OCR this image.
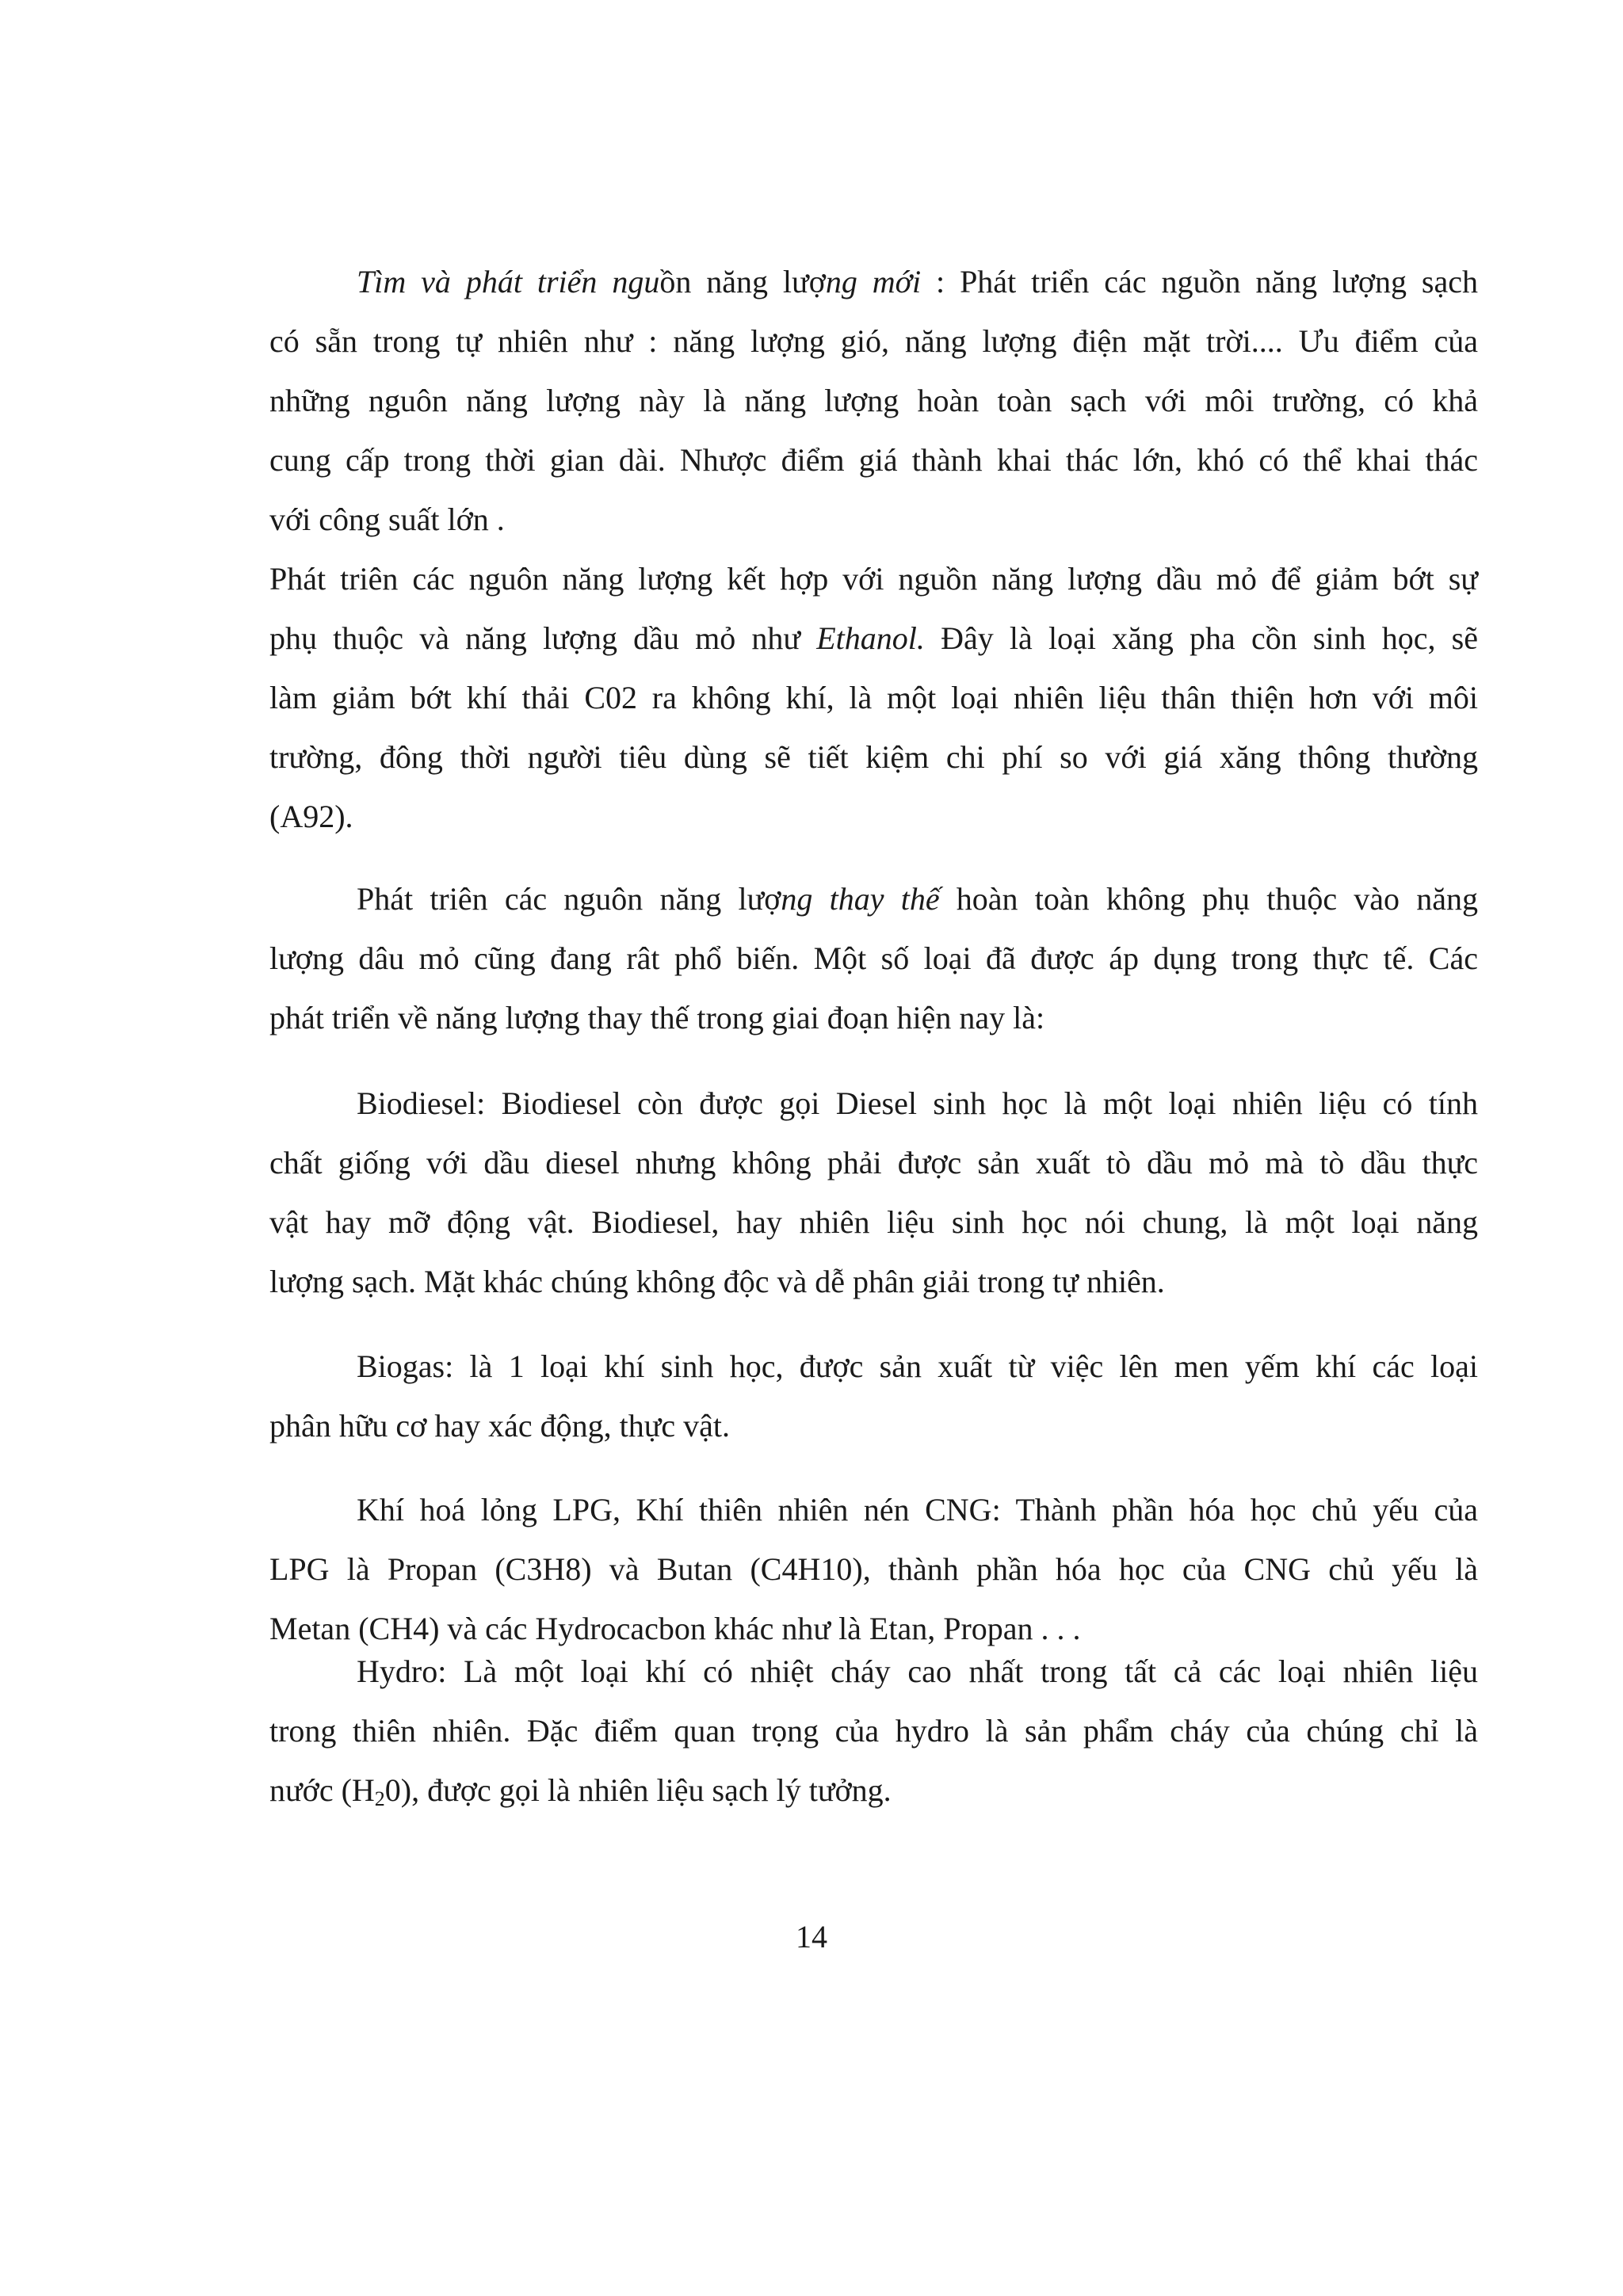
Tìm và phát triển nguồn năng lượng mới : Phát triển các nguồn năng lượng sạch
có sẵn trong tự nhiên như : năng lượng gió, năng lượng điện mặt trời.... Ưu điểm của
những nguôn năng lượng này là năng lượng hoàn toàn sạch với môi trường, có khả
cung cấp trong thời gian dài. Nhược điểm giá thành khai thác lớn, khó có thể khai thác
với công suất lớn .
Phát triên các nguôn năng lượng kết hợp với nguồn năng lượng dầu mỏ để giảm bớt sự
phụ thuộc và năng lượng dầu mỏ như Ethanol. Đây là loại xăng pha cồn sinh học, sẽ
làm giảm bớt khí thải C02 ra không khí, là một loại nhiên liệu thân thiện hơn với môi
trường, đông thời người tiêu dùng sẽ tiết kiệm chi phí so với giá xăng thông thường
(A92).
Phát triên các nguôn năng lượng thay thế hoàn toàn không phụ thuộc vào năng
lượng dâu mỏ cũng đang rât phổ biến. Một số loại đã được áp dụng trong thực tế. Các
phát triển về năng lượng thay thế trong giai đoạn hiện nay là:
Biodiesel: Biodiesel còn được gọi Diesel sinh học là một loại nhiên liệu có tính
chất giống với dầu diesel nhưng không phải được sản xuất tò dầu mỏ mà tò dầu thực
vật hay mỡ động vật. Biodiesel, hay nhiên liệu sinh học nói chung, là một loại năng
lượng sạch. Mặt khác chúng không độc và dễ phân giải trong tự nhiên.
Biogas: là 1 loại khí sinh học, được sản xuất từ việc lên men yếm khí các loại
phân hữu cơ hay xác động, thực vật.
Khí hoá lỏng LPG, Khí thiên nhiên nén CNG: Thành phần hóa học chủ yếu của
LPG là Propan (C3H8) và Butan (C4H10), thành phần hóa học của CNG chủ yếu là
Metan (CH4) và các Hydrocacbon khác như là Etan, Propan . . .
Hydro: Là một loại khí có nhiệt cháy cao nhất trong tất cả các loại nhiên liệu
trong thiên nhiên. Đặc điểm quan trọng của hydro là sản phẩm cháy của chúng chỉ là
nước $(H_20)$, được gọi là nhiên liệu sạch lý tưởng.
14
